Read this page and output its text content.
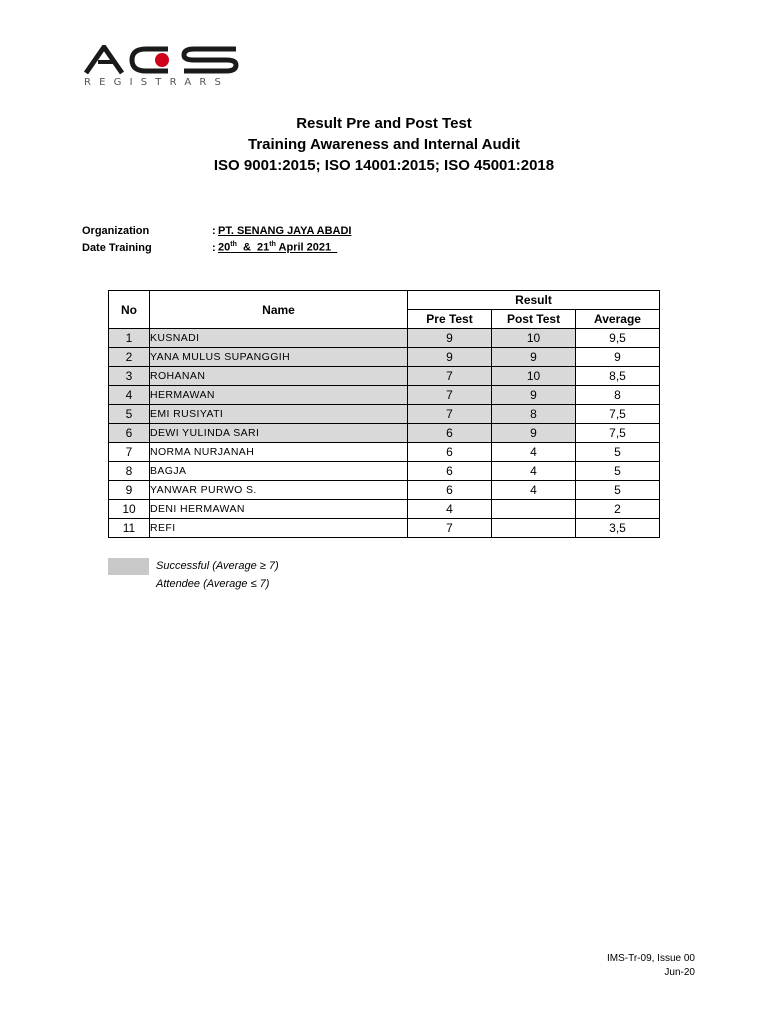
REGISTRARS
Result Pre and Post Test
Training Awareness and Internal Audit
ISO 9001:2015; ISO 14001:2015; ISO 45001:2018
Organization	: PT. SENANG JAYA ABADI
Date Training	: 20th  &  21th April 2021
No	Name	Result		
		Pre Test	Post Test	Average
1	KUSNADI	9	10	9,5
2	YANA MULUS SUPANGGIH	9	9	9
3	ROHANAN	7	10	8,5
4	HERMAWAN	7	9	8
5	EMI RUSIYATI	7	8	7,5
6	DEWI YULINDA SARI	6	9	7,5
7	NORMA NURJANAH	6	4	5
8	BAGJA	6	4	5
9	YANWAR PURWO S.	6	4	5
10	DENI HERMAWAN	4		2
11	REFI	7		3,5
Successful (Average ≥ 7)
Attendee (Average ≤ 7)
IMS-Tr-09, Issue 00
Jun-20
